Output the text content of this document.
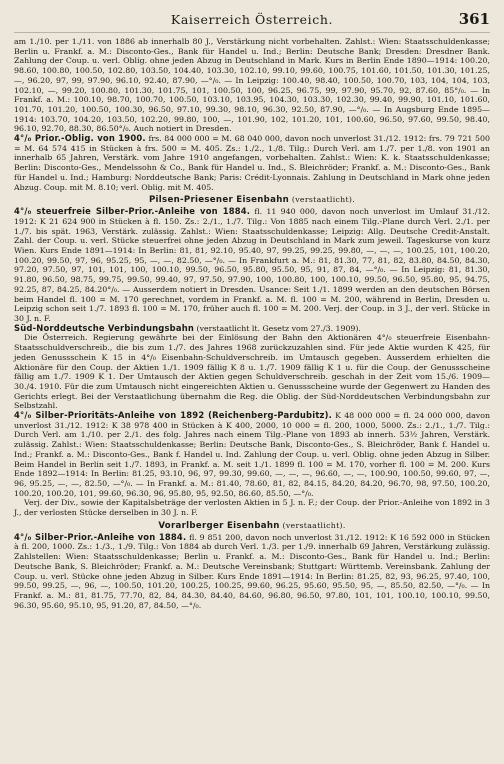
Kaiserreich Österreich.	361

am 1./10. per 1./11. von 1886 ab innerhalb 80 J., Verstärkung nicht vorbehalten. Zahlst.: Wien: Staatsschuldenkasse; Berlin u. Frankf. a. M.: Disconto-Ges., Bank für Handel u. Ind.; Berlin: Deutsche Bank; Dresden: Dresdner Bank. Zahlung der Coup. u. verl. Oblig. ohne jeden Abzug in Deutschland in Mark. Kurs in Berlin Ende 1890—1914: 100.20, 98.60, 100.80, 100.50, 102.80, 103.50, 104.40, 103.30, 102.10, 99.10, 99.60, 100.75, 101.60, 101.50, 101.30, 101.25, —, 96.20, 97, 99, 97.90, 96.10, 92.40, 87.90, —°/₀. — In Leipzig: 100.40, 98.40, 100.50, 100.70, 103, 104, 104, 103, 102.10, —, 99.20, 100.80, 101.30, 101.75, 101, 100.50, 100, 96.25, 96.75, 99, 97.90, 95.70, 92, 87.60, 85°/₀. — In Frankf. a. M.: 100.10, 98.70, 100.70, 100.50, 103.10, 103.95, 104.30, 103.30, 102.30, 99.40, 99.90, 101.10, 101.60, 101.70, 101.20, 100.50, 100.30, 96.50, 97.10, 99.30, 98.10, 96.30, 92.50, 87.90, —°/₀. — In Augsburg Ende 1895—1914: 103.70, 104.20, 103.50, 102.20, 99.80, 100, —, 101.90, 102, 101.20, 101, 100.60, 96.50, 97.60, 99.50, 98.40, 96.10, 92.70, 88.30, 86.50°/₀. Auch notiert in Dresden.

4°/₀ Prior.-Oblig. von 1900. frs. 84 000 000 = M. 68 040 000, davon noch unverlost 31./12. 1912: frs. 79 721 500 = M. 64 574 415 in Stücken à frs. 500 = M. 405. Zs.: 1./2., 1./8. Tilg.: Durch Verl. am 1./7. per 1./8. von 1901 an innerhalb 65 Jahren, Verstärk. vom Jahre 1910 angefangen, vorbehalten. Zahlst.: Wien: K. k. Staatsschuldenkasse; Berlin: Disconto-Ges., Mendelssohn & Co., Bank für Handel u. Ind., S. Bleichröder; Frankf. a. M.: Disconto-Ges., Bank für Handel u. Ind.; Hamburg: Norddeutsche Bank; Paris: Crédit-Lyonnais. Zahlung in Deutschland in Mark ohne jeden Abzug. Coup. mit M. 8.10; verl. Oblig. mit M. 405.

Pilsen-Priesener Eisenbahn (verstaatlicht).

4°/₀ steuerfreie Silber-Prior.-Anleihe von 1884. fl. 11 940 000, davon noch unverlost im Umlauf 31./12. 1912: K 21 624 900 in Stücken à fl. 150. Zs.: 2./1., 1./7. Tilg.: Von 1885 nach einem Tilg.-Plane durch Verl. 2./1. per 1./7. bis spät. 1963, Verstärk. zulässig. Zahlst.: Wien: Staatsschuldenkasse; Leipzig: Allg. Deutsche Credit-Anstalt. Zahl. der Coup. u. verl. Stücke steuerfrei ohne jeden Abzug in Deutschland in Mark zum jeweil. Tageskurse von kurz Wien. Kurs Ende 1891—1914: In Berlin: 81, 81, 92.10, 95.40, 97, 99.25, 99.25, 99.80, —, —, —, 100.25, 101, 100.20, 100.20, 99.50, 97, 96, 95.25, 95, —, —, 82.50, —°/₀. — In Frankfurt a. M.: 81, 81.30, 77, 81, 82, 83.80, 84.50, 84.30, 97.20, 97.50, 97, 101, 101, 100, 100.10, 99.50, 96.50, 95.80, 95.50, 95, 91, 87, 84, —°/₀. — In Leipzig: 81, 81.30, 91.80, 96.50, 98.75, 99.75, 99.50, 99.40, 97, 97.50, 97.90, 100, 100.80, 100, 100.10, 99.50, 96.50, 95.80, 95, 94.75, 92.25, 87, 84.25, 84.20°/₀. — Ausserdem notiert in Dresden. Usance: Seit 1./1. 1899 werden an den deutschen Börsen beim Handel fl. 100 = M. 170 gerechnet, vordem in Frankf. a. M. fl. 100 = M. 200, während in Berlin, Dresden u. Leipzig schon seit 1./7. 1893 fl. 100 = M. 170, früher auch fl. 100 = M. 200. Verj. der Coup. in 3 J., der verl. Stücke in 30 J. n. F.

Süd-Norddeutsche Verbindungsbahn (verstaatlicht lt. Gesetz vom 27./3. 1909).

Die Österreich. Regierung gewährte bei der Einlösung der Bahn den Aktionären 4°/₀ steuerfreie Eisenbahn-Staatsschuldverschreib., die bis zum 1./7. des Jahres 1968 zurückzuzahlen sind. Für jede Aktie wurden K 425, für jeden Genussschein K 15 in 4°/₀ Eisenbahn-Schuldverschreib. im Umtausch gegeben. Ausserdem erhielten die Aktionäre für den Coup. der Aktien 1./1. 1909 fällig K 8 u. 1./7. 1909 fällig K 1 u. für die Coup. der Genussscheine fällig am 1./7. 1909 K 1. Der Umtausch der Aktien gegen Schuldverschreib. geschah in der Zeit vom 15./6. 1909—30./4. 1910. Für die zum Umtausch nicht eingereichten Aktien u. Genussscheine wurde der Gegenwert zu Handen des Gerichts erlegt. Bei der Verstaatlichung übernahm die Reg. die Oblig. der Süd-Norddeutschen Verbindungsbahn zur Selbstzahl.

4°/₀ Silber-Prioritäts-Anleihe von 1892 (Reichenberg-Pardubitz). K 48 000 000 = fl. 24 000 000, davon unverlost 31./12. 1912: K 38 978 400 in Stücken à K 400, 2000, 10 000 = fl. 200, 1000, 5000. Zs.: 2./1., 1./7. Tilg.: Durch Verl. am 1./10. per 2./1. des folg. Jahres nach einem Tilg.-Plane von 1893 ab innerh. 53½ Jahren, Verstärk. zulässig. Zahlst.: Wien: Staatsschuldenkasse; Berlin: Deutsche Bank, Disconto-Ges., S. Bleichröder, Bank f. Handel u. Ind.; Frankf. a. M.: Disconto-Ges., Bank f. Handel u. Ind. Zahlung der Coup. u. verl. Oblig. ohne jeden Abzug in Silber. Beim Handel in Berlin seit 1./7. 1893, in Frankf. a. M. seit 1./1. 1899 fl. 100 = M. 170, vorher fl. 100 = M. 200. Kurs Ende 1892—1914: In Berlin: 81.25, 93.10, 96, 97, 99.30, 99.60, —, —, —, 96.60, —, —, 100.90, 100.50, 99.60, 97, —, 96, 95.25, —, —, 82.50, —°/₀. — In Frankf. a. M.: 81.40, 78.60, 81, 82, 84.15, 84.20, 84.20, 96.70, 98, 97.50, 100.20, 100.20, 100.20, 101, 99.60, 96.30, 96, 95.80, 95, 92.50, 86.60, 85.50, —°/₀.

Verj. der Div., sowie der Kapitalsbeträge der verlosten Aktien in 5 J. n. F.; der Coup. der Prior.-Anleihe von 1892 in 3 J., der verlosten Stücke derselben in 30 J. n. F.

Vorarlberger Eisenbahn (verstaatlicht).

4°/₀ Silber-Prior.-Anleihe von 1884. fl. 9 851 200, davon noch unverlost 31./12. 1912: K 16 592 000 in Stücken à fl. 200, 1000. Zs.: 1./3., 1./9. Tilg.: Von 1884 ab durch Verl. 1./3. per 1./9. innerhalb 69 Jahren, Verstärkung zulässig. Zahlstellen: Wien: Staatsschuldenkasse; Berlin u. Frankf. a. M.: Disconto-Ges., Bank für Handel u. Ind.; Berlin: Deutsche Bank, S. Bleichröder; Frankf. a. M.: Deutsche Vereinsbank; Stuttgart: Württemb. Vereinsbank. Zahlung der Coup. u. verl. Stücke ohne jeden Abzug in Silber. Kurs Ende 1891—1914: In Berlin: 81.25, 82, 93, 96.25, 97.40, 100, 99.50, 99.25, —, 96, —, 100.50, 101.20, 100.25, 100.25, 99.60, 96.25, 95.60, 95.50, 95, —, 85.50, 82.50, —°/₀. — In Frankf. a. M.: 81, 81.75, 77.70, 82, 84, 84.30, 84.40, 84.60, 96.80, 96.50, 97.80, 101, 101, 100.10, 100.10, 99.50, 96.30, 95.60, 95.10, 95, 91.20, 87, 84.50, —°/₀.
